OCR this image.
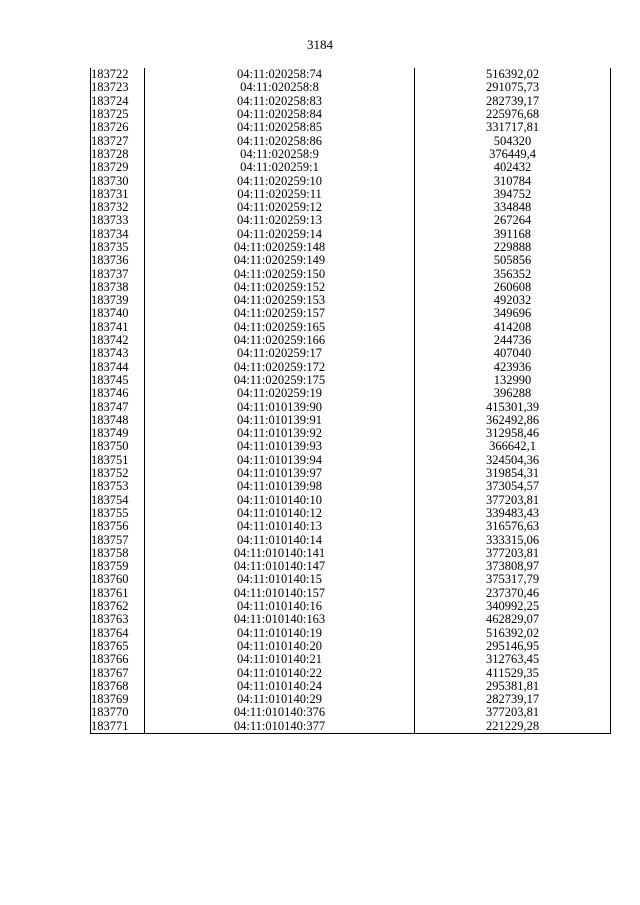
3184
183722	04:11:020258:74	516392,02
183723	04:11:020258:8	291075,73
183724	04:11:020258:83	282739,17
183725	04:11:020258:84	225976,68
183726	04:11:020258:85	331717,81
183727	04:11:020258:86	504320
183728	04:11:020258:9	376449,4
183729	04:11:020259:1	402432
183730	04:11:020259:10	310784
183731	04:11:020259:11	394752
183732	04:11:020259:12	334848
183733	04:11:020259:13	267264
183734	04:11:020259:14	391168
183735	04:11:020259:148	229888
183736	04:11:020259:149	505856
183737	04:11:020259:150	356352
183738	04:11:020259:152	260608
183739	04:11:020259:153	492032
183740	04:11:020259:157	349696
183741	04:11:020259:165	414208
183742	04:11:020259:166	244736
183743	04:11:020259:17	407040
183744	04:11:020259:172	423936
183745	04:11:020259:175	132990
183746	04:11:020259:19	396288
183747	04:11:010139:90	415301,39
183748	04:11:010139:91	362492,86
183749	04:11:010139:92	312958,46
183750	04:11:010139:93	366642,1
183751	04:11:010139:94	324504,36
183752	04:11:010139:97	319854,31
183753	04:11:010139:98	373054,57
183754	04:11:010140:10	377203,81
183755	04:11:010140:12	339483,43
183756	04:11:010140:13	316576,63
183757	04:11:010140:14	333315,06
183758	04:11:010140:141	377203,81
183759	04:11:010140:147	373808,97
183760	04:11:010140:15	375317,79
183761	04:11:010140:157	237370,46
183762	04:11:010140:16	340992,25
183763	04:11:010140:163	462829,07
183764	04:11:010140:19	516392,02
183765	04:11:010140:20	295146,95
183766	04:11:010140:21	312763,45
183767	04:11:010140:22	411529,35
183768	04:11:010140:24	295381,81
183769	04:11:010140:29	282739,17
183770	04:11:010140:376	377203,81
183771	04:11:010140:377	221229,28
